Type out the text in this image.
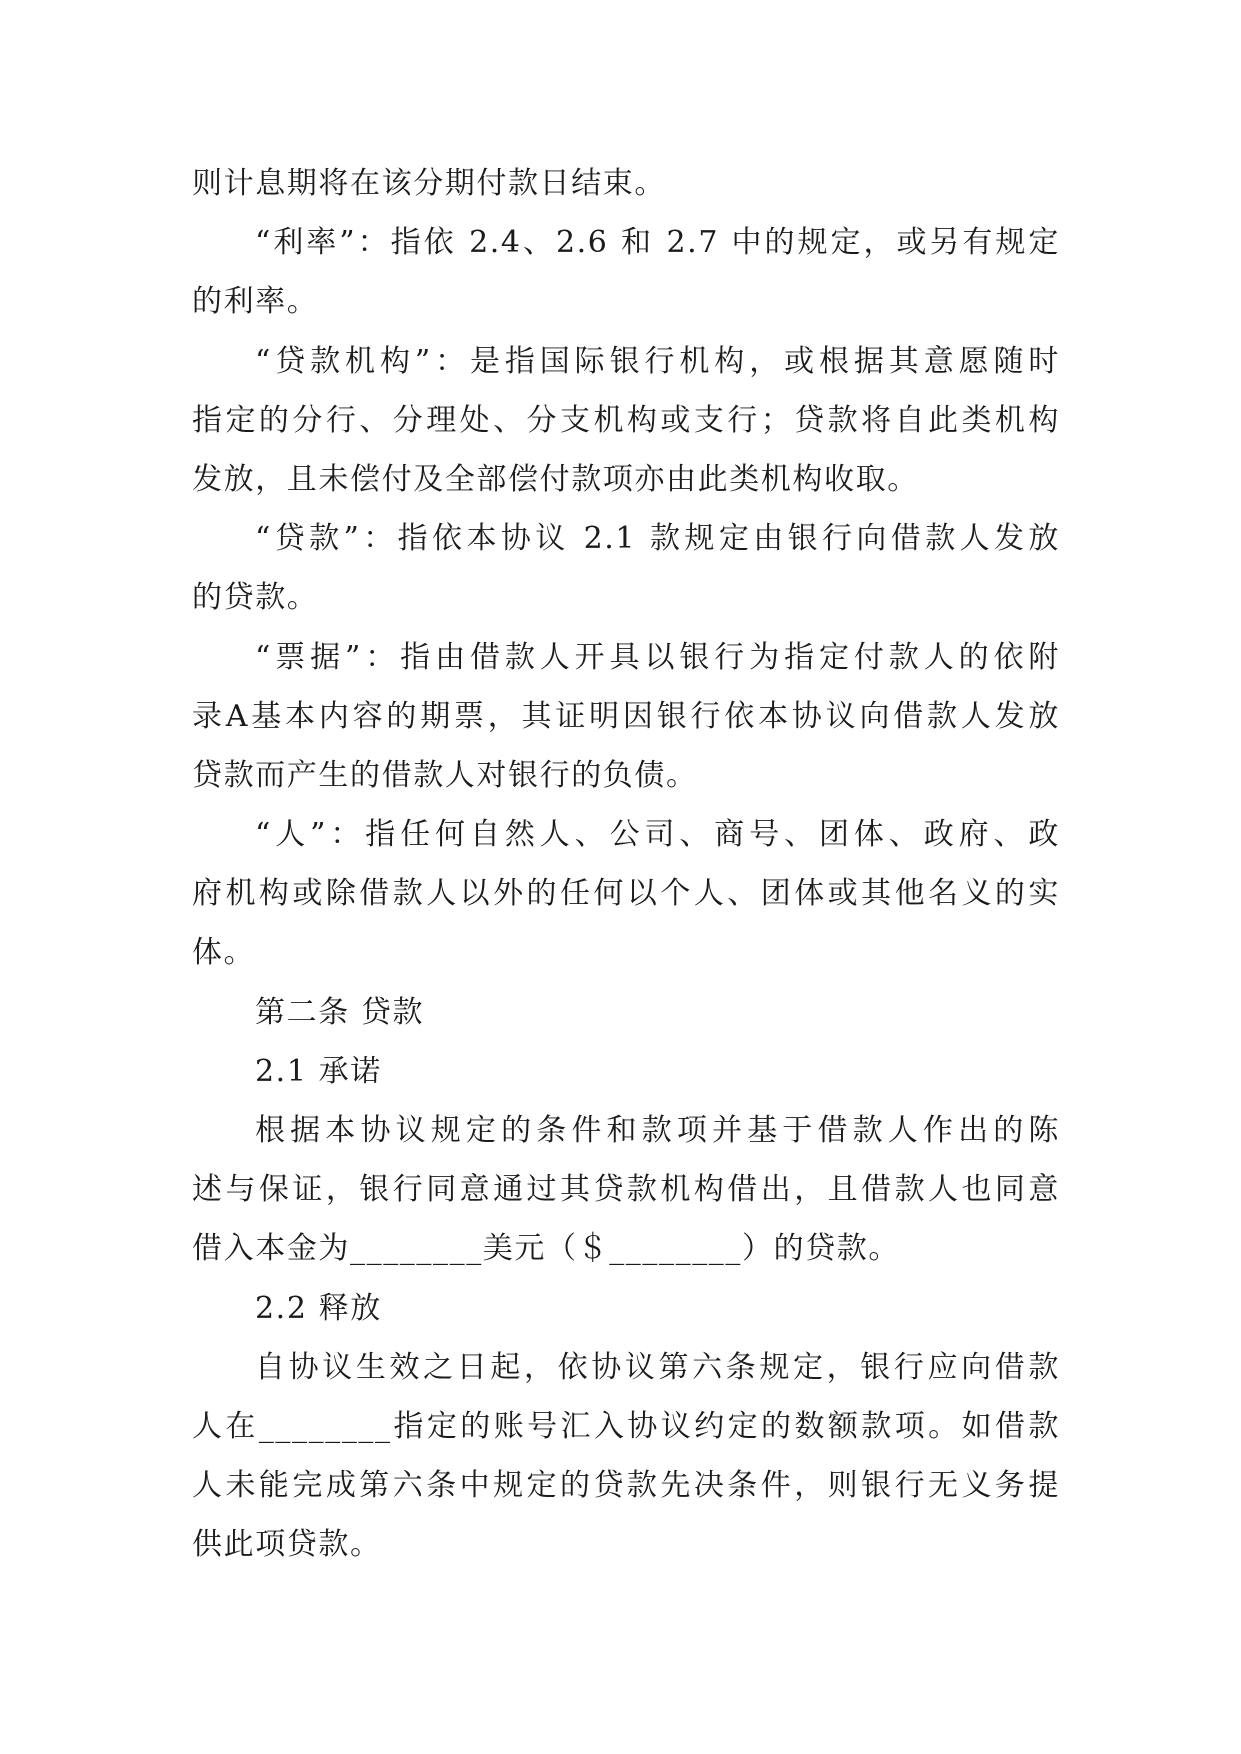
则计息期将在该分期付款日结束。
“利率”：指依 2.4、2.6 和 2.7 中的规定，或另有规定
的利率。
“贷款机构”：是指国际银行机构，或根据其意愿随时
指定的分行、分理处、分支机构或支行；贷款将自此类机构
发放，且未偿付及全部偿付款项亦由此类机构收取。
“贷款”：指依本协议 2.1 款规定由银行向借款人发放
的贷款。
“票据”：指由借款人开具以银行为指定付款人的依附
录A基本内容的期票，其证明因银行依本协议向借款人发放
贷款而产生的借款人对银行的负债。
“人”：指任何自然人、公司、商号、团体、政府、政
府机构或除借款人以外的任何以个人、团体或其他名义的实
体。
第二条 贷款
2.1 承诺
根据本协议规定的条件和款项并基于借款人作出的陈
述与保证，银行同意通过其贷款机构借出，且借款人也同意
借入本金为________美元（＄________）的贷款。
2.2 释放
自协议生效之日起，依协议第六条规定，银行应向借款
人在________指定的账号汇入协议约定的数额款项。如借款
人未能完成第六条中规定的贷款先决条件，则银行无义务提
供此项贷款。
